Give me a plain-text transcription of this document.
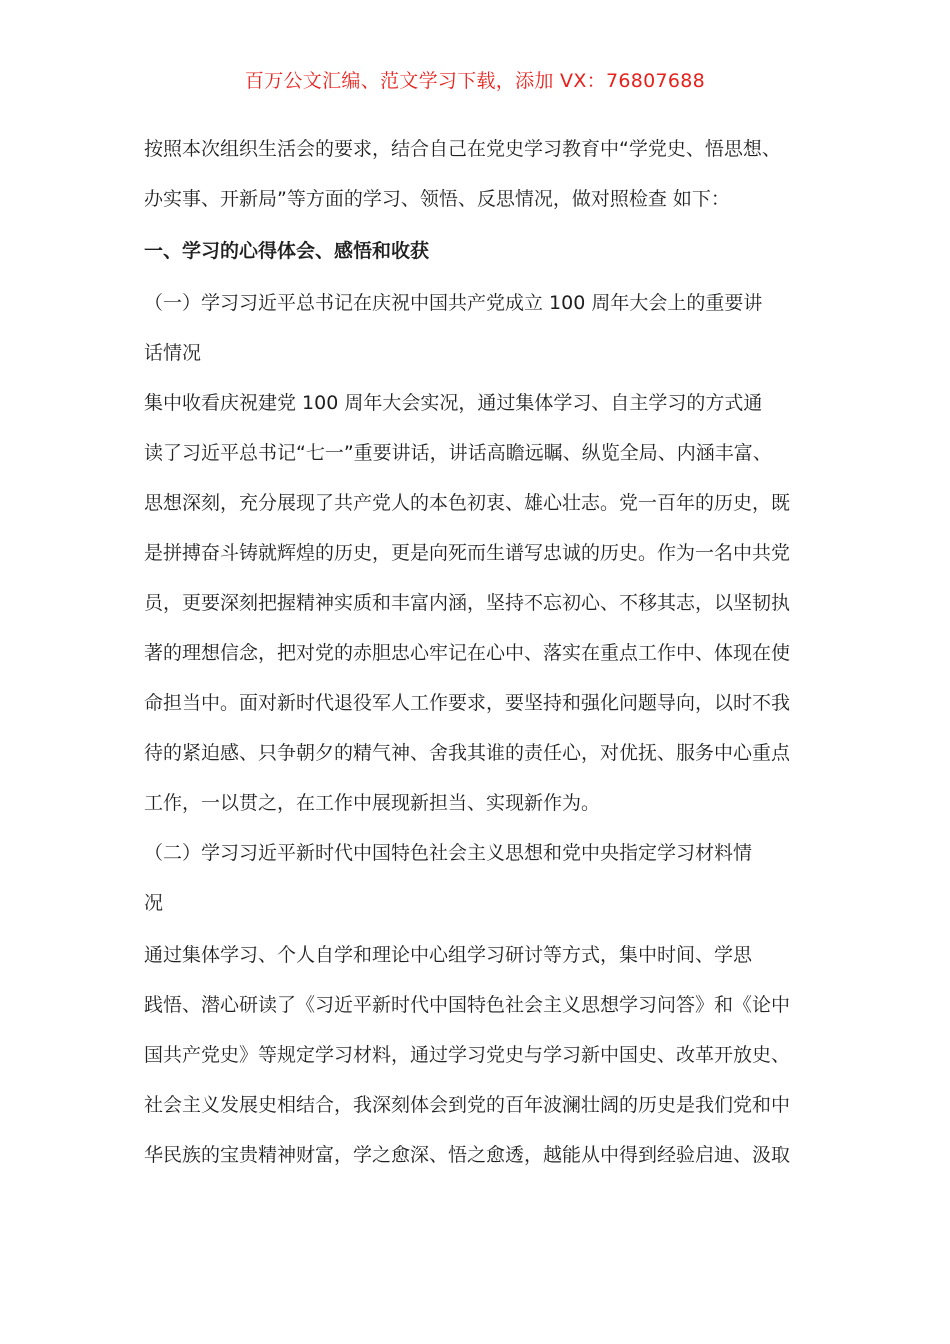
百万公文汇编、范文学习下载，添加 VX：76807688
按照本次组织生活会的要求，结合自己在党史学习教育中“学党史、悟思想、
办实事、开新局”等方面的学习、领悟、反思情况，做对照检查 如下：
一、学习的心得体会、感悟和收获
（一）学习习近平总书记在庆祝中国共产党成立 100 周年大会上的重要讲
话情况
集中收看庆祝建党 100 周年大会实况，通过集体学习、自主学习的方式通
读了习近平总书记“七一”重要讲话，讲话高瞻远瞩、纵览全局、内涵丰富、
思想深刻，充分展现了共产党人的本色初衷、雄心壮志。党一百年的历史，既
是拼搏奋斗铸就辉煌的历史，更是向死而生谱写忠诚的历史。作为一名中共党
员，更要深刻把握精神实质和丰富内涵，坚持不忘初心、不移其志，以坚韧执
著的理想信念，把对党的赤胆忠心牢记在心中、落实在重点工作中、体现在使
命担当中。面对新时代退役军人工作要求，要坚持和强化问题导向，以时不我
待的紧迫感、只争朝夕的精气神、舍我其谁的责任心，对优抚、服务中心重点
工作，一以贯之，在工作中展现新担当、实现新作为。
（二）学习习近平新时代中国特色社会主义思想和党中央指定学习材料情
况
通过集体学习、个人自学和理论中心组学习研讨等方式，集中时间、学思
践悟、潜心研读了《习近平新时代中国特色社会主义思想学习问答》和《论中
国共产党史》等规定学习材料，通过学习党史与学习新中国史、改革开放史、
社会主义发展史相结合，我深刻体会到党的百年波澜壮阔的历史是我们党和中
华民族的宝贵精神财富，学之愈深、悟之愈透，越能从中得到经验启迪、汲取
